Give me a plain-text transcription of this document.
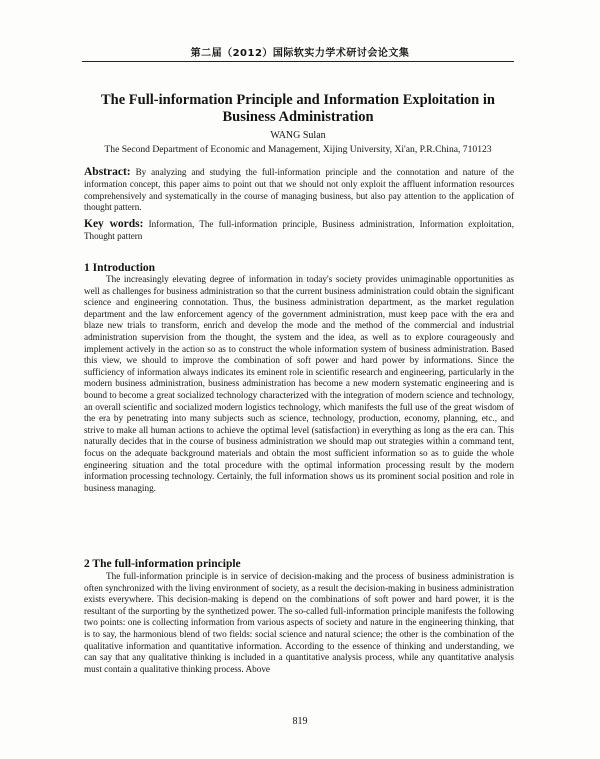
第二届（2012）国际软实力学术研讨会论文集
The Full-information Principle and Information Exploitation in Business Administration
WANG Sulan
The Second Department of Economic and Management, Xijing University, Xi'an, P.R.China, 710123
Abstract: By analyzing and studying the full-information principle and the connotation and nature of the information concept, this paper aims to point out that we should not only exploit the affluent information resources comprehensively and systematically in the course of managing business, but also pay attention to the application of thought pattern.
Key words: Information, The full-information principle, Business administration, Information exploitation, Thought pattern
1 Introduction

The increasingly elevating degree of information in today's society provides unimaginable opportunities as well as challenges for business administration so that the current business administration could obtain the significant science and engineering connotation. Thus, the business administration department, as the market regulation department and the law enforcement agency of the government administration, must keep pace with the era and blaze new trials to transform, enrich and develop the mode and the method of the commercial and industrial administration supervision from the thought, the system and the idea, as well as to explore courageously and implement actively in the action so as to construct the whole information system of business administration. Based this view, we should to improve the combination of soft power and hard power by informations. Since the sufficiency of information always indicates its eminent role in scientific research and engineering, particularly in the modern business administration, business administration has become a new modern systematic engineering and is bound to become a great socialized technology characterized with the integration of modern science and technology, an overall scientific and socialized modern logistics technology, which manifests the full use of the great wisdom of the era by penetrating into many subjects such as science, technology, production, economy, planning, etc., and strive to make all human actions to achieve the optimal level (satisfaction) in everything as long as the era can. This naturally decides that in the course of business administration we should map out strategies within a command tent, focus on the adequate background materials and obtain the most sufficient information so as to guide the whole engineering situation and the total procedure with the optimal information processing result by the modern information processing technology. Certainly, the full information shows us its prominent social position and role in business managing.

2 The full-information principle

The full-information principle is in service of decision-making and the process of business administration is often synchronized with the living environment of society, as a result the decision-making in business administration exists everywhere. This decision-making is depend on the combinations of soft power and hard power, it is the resultant of the surporting by the synthetized power. The so-called full-information principle manifests the following two points: one is collecting information from various aspects of society and nature in the engineering thinking, that is to say, the harmonious blend of two fields: social science and natural science; the other is the combination of the qualitative information and quantitative information. According to the essence of thinking and understanding, we can say that any qualitative thinking is included in a quantitative analysis process, while any quantitative analysis must contain a qualitative thinking process. Above

819
